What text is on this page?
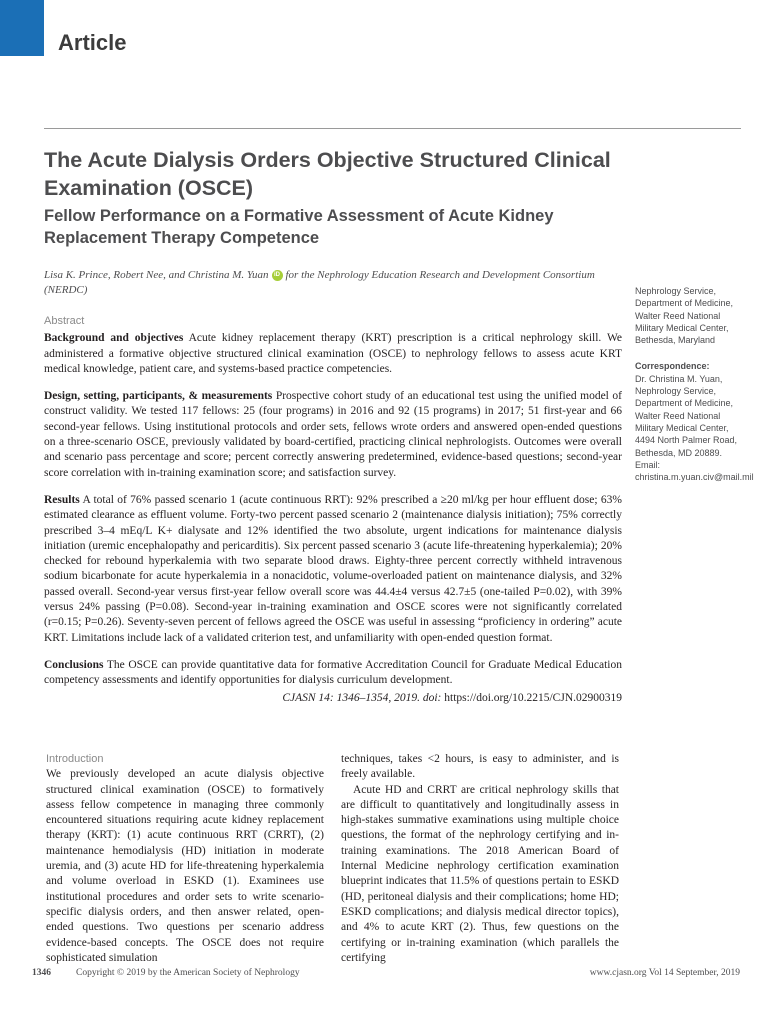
Article
The Acute Dialysis Orders Objective Structured Clinical Examination (OSCE)
Fellow Performance on a Formative Assessment of Acute Kidney Replacement Therapy Competence
Lisa K. Prince, Robert Nee, and Christina M. Yuan iD for the Nephrology Education Research and Development Consortium (NERDC)
Abstract

Background and objectives Acute kidney replacement therapy (KRT) prescription is a critical nephrology skill. We administered a formative objective structured clinical examination (OSCE) to nephrology fellows to assess acute KRT medical knowledge, patient care, and systems-based practice competencies.

Design, setting, participants, & measurements Prospective cohort study of an educational test using the unified model of construct validity. We tested 117 fellows: 25 (four programs) in 2016 and 92 (15 programs) in 2017; 51 first-year and 66 second-year fellows. Using institutional protocols and order sets, fellows wrote orders and answered open-ended questions on a three-scenario OSCE, previously validated by board-certified, practicing clinical nephrologists. Outcomes were overall and scenario pass percentage and score; percent correctly answering predetermined, evidence-based questions; second-year score correlation with in-training examination score; and satisfaction survey.

Results A total of 76% passed scenario 1 (acute continuous RRT): 92% prescribed a ≥20 ml/kg per hour effluent dose; 63% estimated clearance as effluent volume. Forty-two percent passed scenario 2 (maintenance dialysis initiation); 75% correctly prescribed 3–4 mEq/L K+ dialysate and 12% identified the two absolute, urgent indications for maintenance dialysis initiation (uremic encephalopathy and pericarditis). Six percent passed scenario 3 (acute life-threatening hyperkalemia); 20% checked for rebound hyperkalemia with two separate blood draws. Eighty-three percent correctly withheld intravenous sodium bicarbonate for acute hyperkalemia in a nonacidotic, volume-overloaded patient on maintenance dialysis, and 32% passed overall. Second-year versus first-year fellow overall score was 44.4±4 versus 42.7±5 (one-tailed P=0.02), with 39% versus 24% passing (P=0.08). Second-year in-training examination and OSCE scores were not significantly correlated (r=0.15; P=0.26). Seventy-seven percent of fellows agreed the OSCE was useful in assessing “proficiency in ordering” acute KRT. Limitations include lack of a validated criterion test, and unfamiliarity with open-ended question format.

Conclusions The OSCE can provide quantitative data for formative Accreditation Council for Graduate Medical Education competency assessments and identify opportunities for dialysis curriculum development.

CJASN 14: 1346–1354, 2019. doi: https://doi.org/10.2215/CJN.02900319
Nephrology Service, Department of Medicine, Walter Reed National Military Medical Center, Bethesda, Maryland
Correspondence:
Dr. Christina M. Yuan, Nephrology Service, Department of Medicine, Walter Reed National Military Medical Center, 4494 North Palmer Road, Bethesda, MD 20889. Email: christina.m.yuan.civ@mail.mil
Introduction

We previously developed an acute dialysis objective structured clinical examination (OSCE) to formatively assess fellow competence in managing three commonly encountered situations requiring acute kidney replacement therapy (KRT): (1) acute continuous RRT (CRRT), (2) maintenance hemodialysis (HD) initiation in moderate uremia, and (3) acute HD for life-threatening hyperkalemia and volume overload in ESKD (1). Examinees use institutional procedures and order sets to write scenario-specific dialysis orders, and then answer related, open-ended questions. Two questions per scenario address evidence-based concepts. The OSCE does not require sophisticated simulation

techniques, takes <2 hours, is easy to administer, and is freely available.

Acute HD and CRRT are critical nephrology skills that are difficult to quantitatively and longitudinally assess in high-stakes summative examinations using multiple choice questions, the format of the nephrology certifying and in-training examinations. The 2018 American Board of Internal Medicine nephrology certification examination blueprint indicates that 11.5% of questions pertain to ESKD (HD, peritoneal dialysis and their complications; home HD; ESKD complications; and dialysis medical director topics), and 4% to acute KRT (2). Thus, few questions on the certifying or in-training examination (which parallels the certifying

1346	Copyright © 2019 by the American Society of Nephrology	www.cjasn.org Vol 14 September, 2019
